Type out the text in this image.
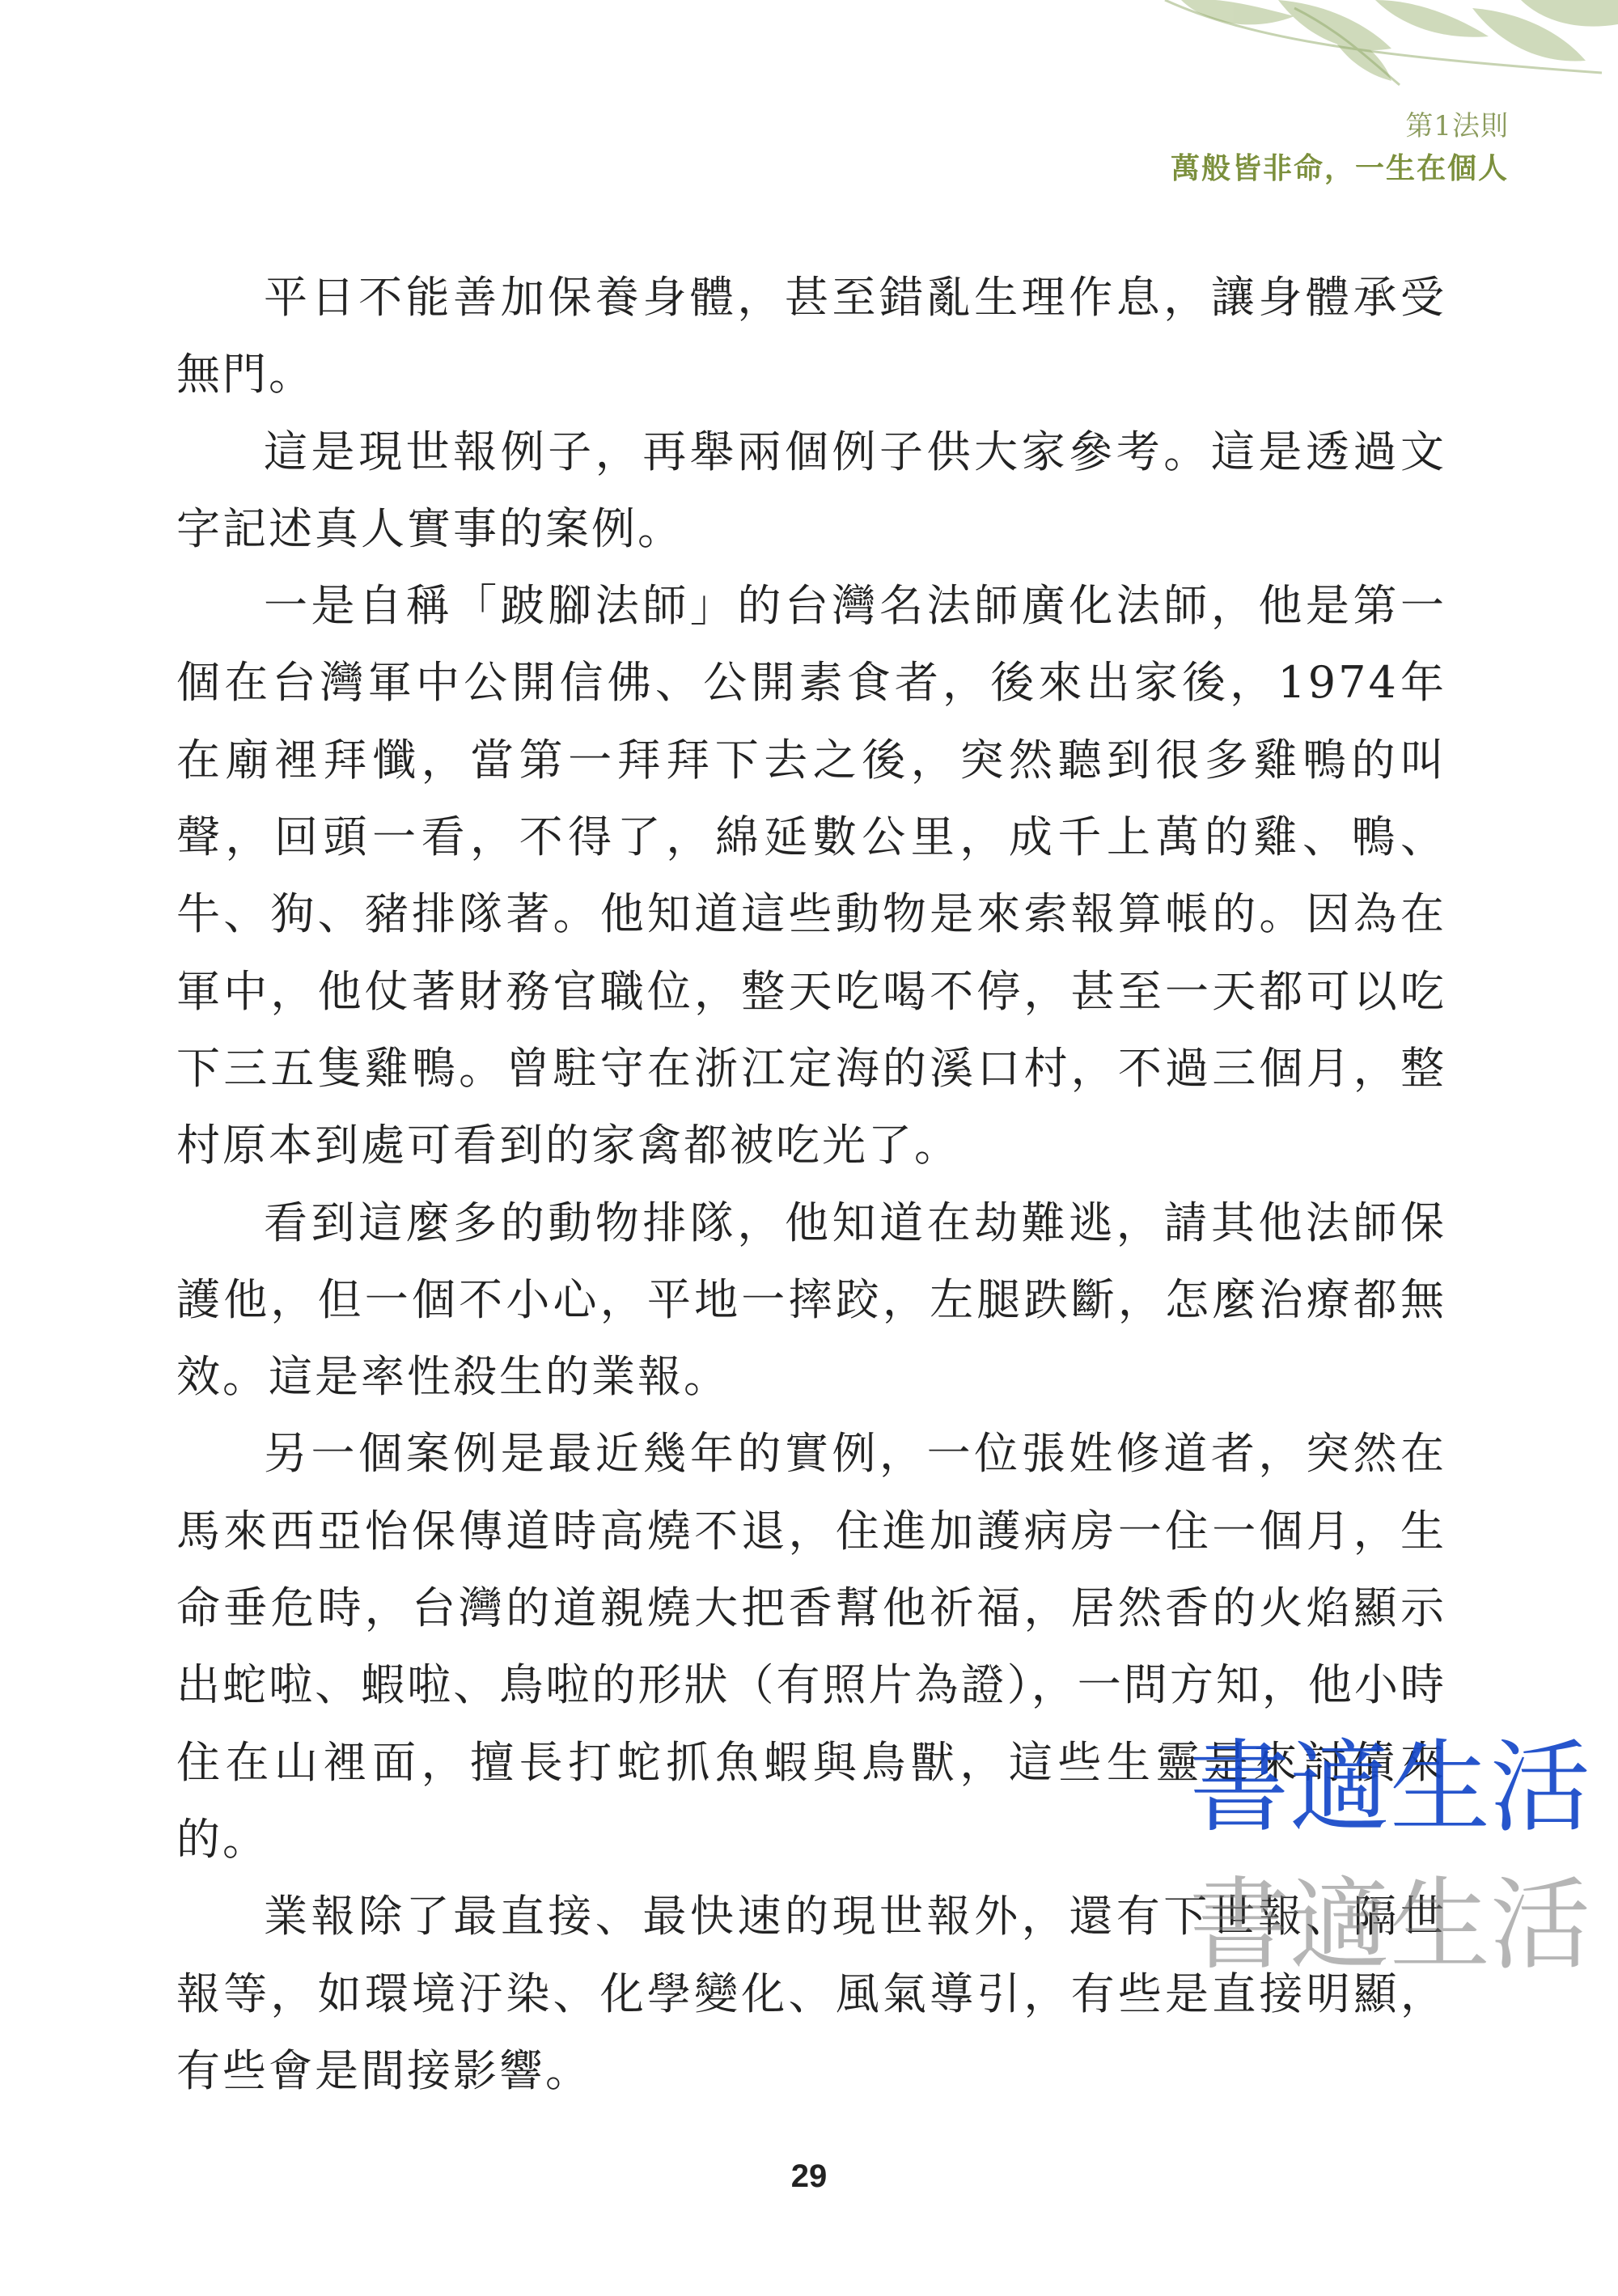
第1法則
萬般皆非命，一生在個人

平日不能善加保養身體，甚至錯亂生理作息，讓身體承受無門。

這是現世報例子，再舉兩個例子供大家參考。這是透過文字記述真人實事的案例。

一是自稱「跛腳法師」的台灣名法師廣化法師，他是第一個在台灣軍中公開信佛、公開素食者，後來出家後，1974年在廟裡拜懺，當第一拜拜下去之後，突然聽到很多雞鴨的叫聲，回頭一看，不得了，綿延數公里，成千上萬的雞、鴨、牛、狗、豬排隊著。他知道這些動物是來索報算帳的。因為在軍中，他仗著財務官職位，整天吃喝不停，甚至一天都可以吃下三五隻雞鴨。曾駐守在浙江定海的溪口村，不過三個月，整村原本到處可看到的家禽都被吃光了。

看到這麼多的動物排隊，他知道在劫難逃，請其他法師保護他，但一個不小心，平地一摔跤，左腿跌斷，怎麼治療都無效。這是率性殺生的業報。

另一個案例是最近幾年的實例，一位張姓修道者，突然在馬來西亞怡保傳道時高燒不退，住進加護病房一住一個月，生命垂危時，台灣的道親燒大把香幫他祈福，居然香的火焰顯示出蛇啦、蝦啦、鳥啦的形狀（有照片為證），一問方知，他小時住在山裡面，擅長打蛇抓魚蝦與鳥獸，這些生靈是來討債來的。

業報除了最直接、最快速的現世報外，還有下世報、隔世報等，如環境汙染、化學變化、風氣導引，有些是直接明顯，有些會是間接影響。

書適生活
書適生活
29
